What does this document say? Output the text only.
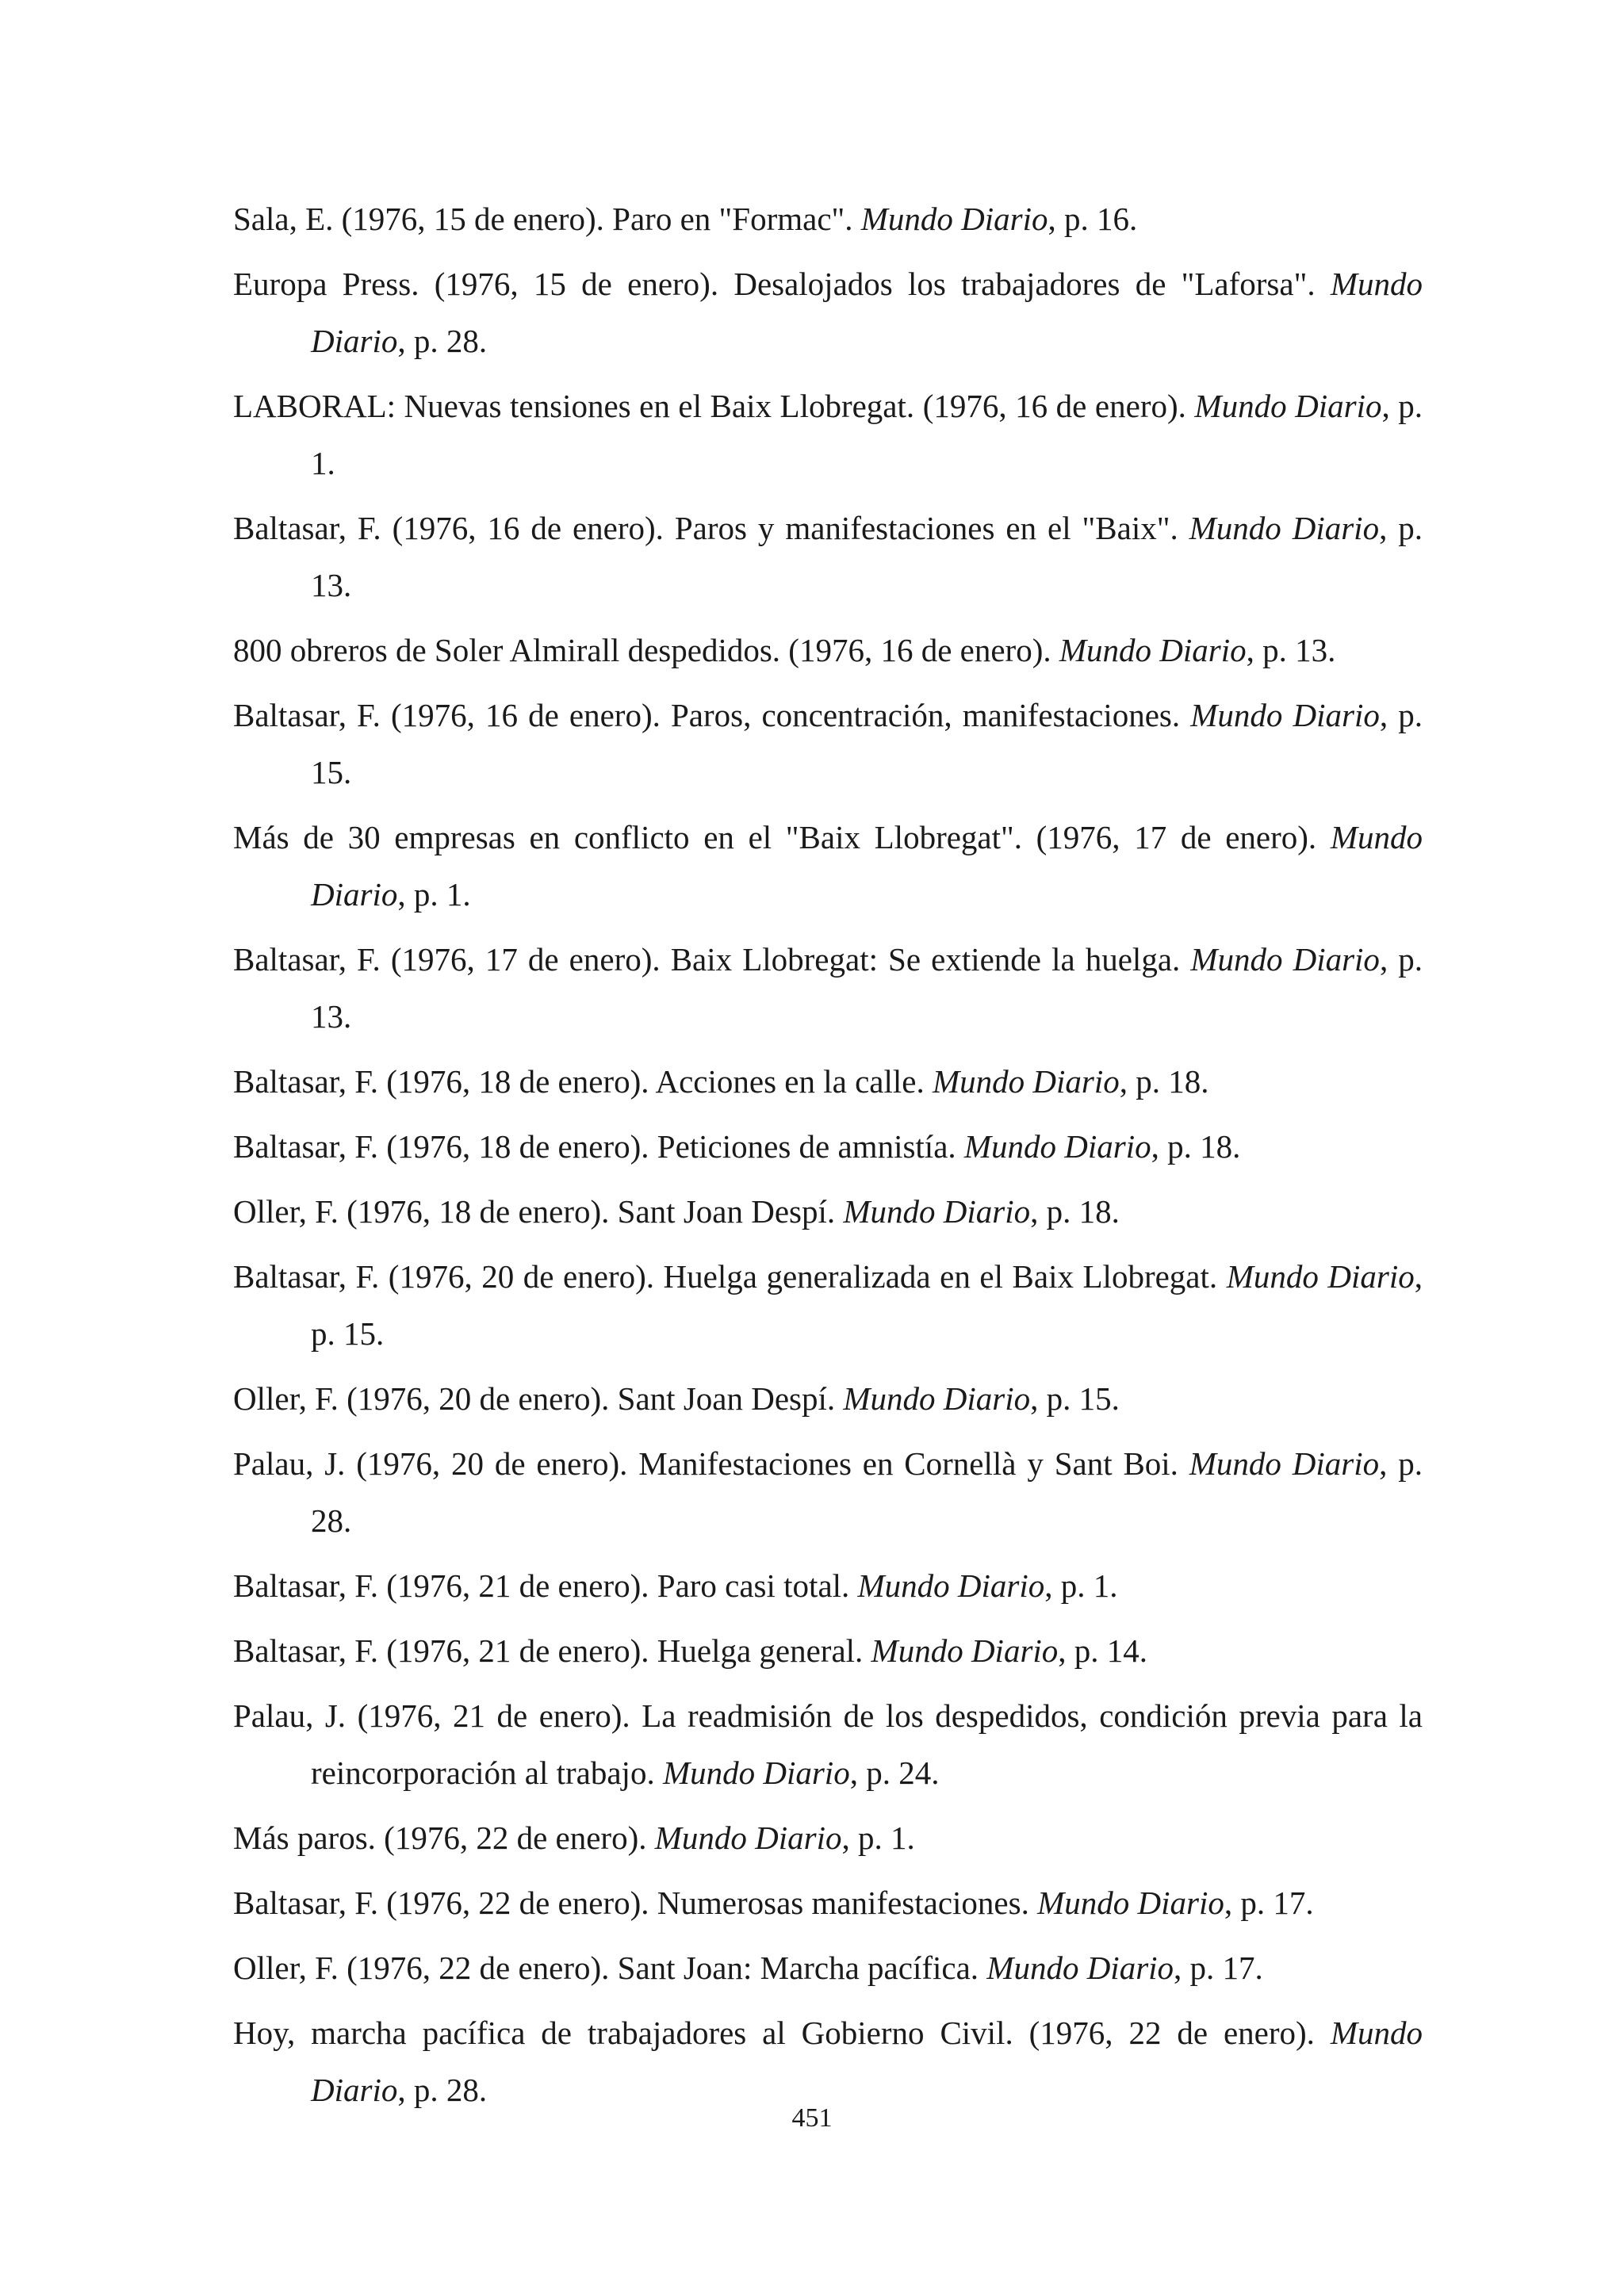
Sala, E. (1976, 15 de enero). Paro en "Formac". Mundo Diario, p. 16.
Europa Press. (1976, 15 de enero). Desalojados los trabajadores de "Laforsa". Mundo Diario, p. 28.
LABORAL: Nuevas tensiones en el Baix Llobregat. (1976, 16 de enero). Mundo Diario, p. 1.
Baltasar, F. (1976, 16 de enero). Paros y manifestaciones en el "Baix". Mundo Diario, p. 13.
800 obreros de Soler Almirall despedidos. (1976, 16 de enero). Mundo Diario, p. 13.
Baltasar, F. (1976, 16 de enero). Paros, concentración, manifestaciones. Mundo Diario, p. 15.
Más de 30 empresas en conflicto en el "Baix Llobregat". (1976, 17 de enero). Mundo Diario, p. 1.
Baltasar, F. (1976, 17 de enero). Baix Llobregat: Se extiende la huelga. Mundo Diario, p. 13.
Baltasar, F. (1976, 18 de enero). Acciones en la calle. Mundo Diario, p. 18.
Baltasar, F. (1976, 18 de enero). Peticiones de amnistía. Mundo Diario, p. 18.
Oller, F. (1976, 18 de enero). Sant Joan Despí. Mundo Diario, p. 18.
Baltasar, F. (1976, 20 de enero). Huelga generalizada en el Baix Llobregat. Mundo Diario, p. 15.
Oller, F. (1976, 20 de enero). Sant Joan Despí. Mundo Diario, p. 15.
Palau, J. (1976, 20 de enero). Manifestaciones en Cornellà y Sant Boi. Mundo Diario, p. 28.
Baltasar, F. (1976, 21 de enero). Paro casi total. Mundo Diario, p. 1.
Baltasar, F. (1976, 21 de enero). Huelga general. Mundo Diario, p. 14.
Palau, J. (1976, 21 de enero). La readmisión de los despedidos, condición previa para la reincorporación al trabajo. Mundo Diario, p. 24.
Más paros. (1976, 22 de enero). Mundo Diario, p. 1.
Baltasar, F. (1976, 22 de enero). Numerosas manifestaciones. Mundo Diario, p. 17.
Oller, F. (1976, 22 de enero). Sant Joan: Marcha pacífica. Mundo Diario, p. 17.
Hoy, marcha pacífica de trabajadores al Gobierno Civil. (1976, 22 de enero). Mundo Diario, p. 28.
451
